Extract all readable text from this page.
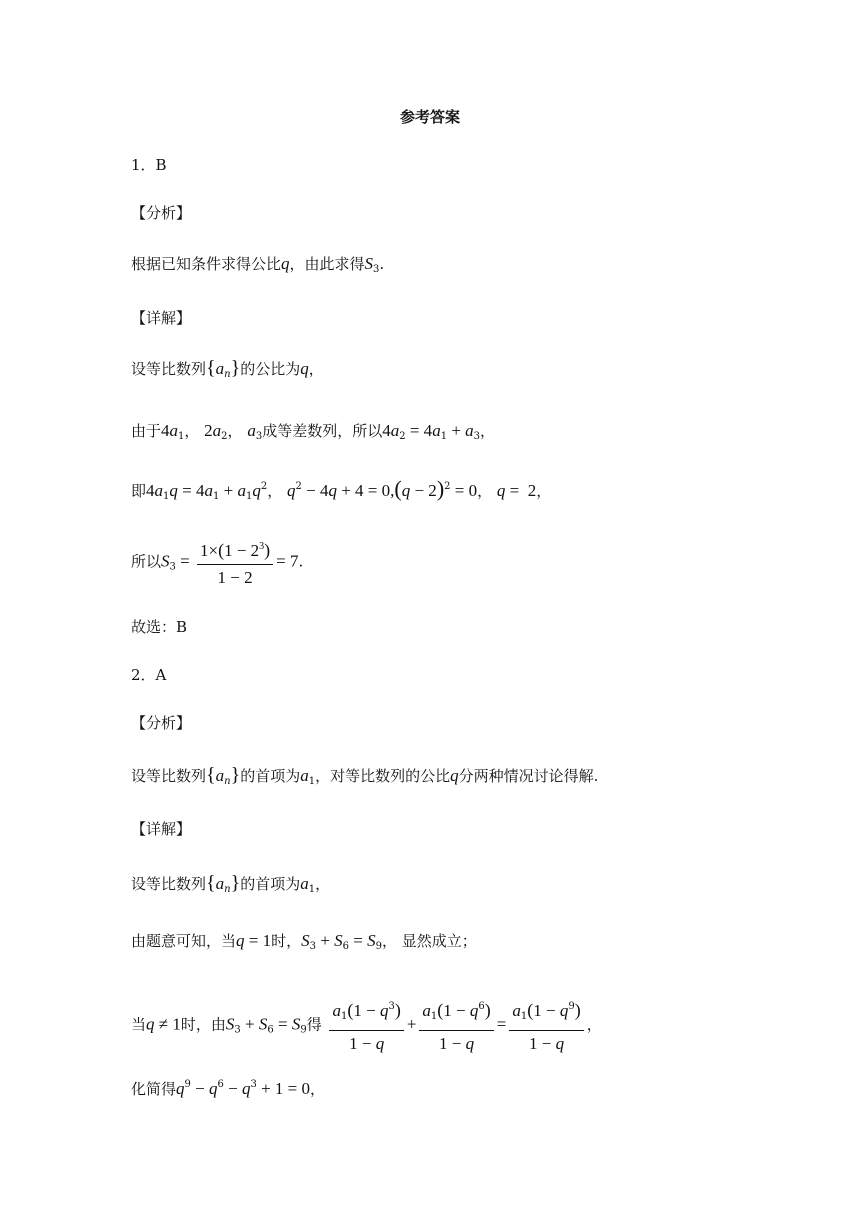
参考答案
1．B
【分析】
根据已知条件求得公比q，由此求得$S_3$.
【详解】
设等比数列$\{a_n\}$的公比为q，
由于$4a_1$， $2a_2$， $a_3$成等差数列，所以$4a_2 = 4a_1 + a_3$，
即$4a_1q = 4a_1 + a_1q^2$， $q^2 - 4q + 4 = 0,(q - 2)^2 = 0$， q =  2，
所以$S_3 = \frac{1\times(1 - 2^3)}{1 - 2} = 7$.
故选：B
2．A
【分析】
设等比数列$\{a_n\}$的首项为$a_1$，对等比数列的公比q分两种情况讨论得解.
【详解】
设等比数列$\{a_n\}$的首项为$a_1$，
由题意可知，当q = 1时，$S_3 + S_6 = S_9$， 显然成立；
当q ≠ 1时，由$S_3 + S_6 = S_9$得 $\frac{a_1(1 - q^3)}{1 - q} + \frac{a_1(1 - q^6)}{1 - q} = \frac{a_1(1 - q^9)}{1 - q}$ ，
化简得$q^9 - q^6 - q^3 + 1 = 0$，
